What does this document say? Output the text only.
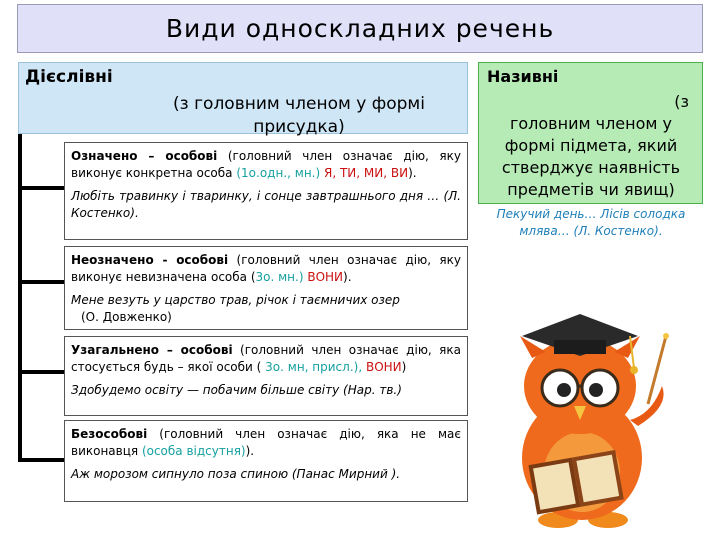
Види односкладних речень
Дієслівні
(з головним членом у формі
присудка)

Означено – особові (головний член означає дію, яку виконує конкретна особа (1о.одн., мн.) Я, ТИ, МИ, ВИ).

Любіть травинку і тваринку, і сонце завтрашнього дня … (Л. Костенко).

Неозначено - особові (головний член означає дію, яку виконує невизначена особа (3о. мн.) ВОНИ).

Мене везуть у царство трав, річок і таємничих озер

(О. Довженко)

Узагальнено – особові (головний член означає дію, яка стосується будь – якої особи ( 3о. мн, присл.), ВОНИ)

Здобудемо освіту — побачим більше світу (Нар. тв.)

Безособові (головний член означає дію, яка не має виконавця (особа відсутня)).

Аж морозом сипнуло поза спиною (Панас Мирний ).

Називні
(з
головним членом у формі підмета, який стверджує наявність предметів чи явищ)
Пекучий день… Лісів солодка млява… (Л. Костенко).
